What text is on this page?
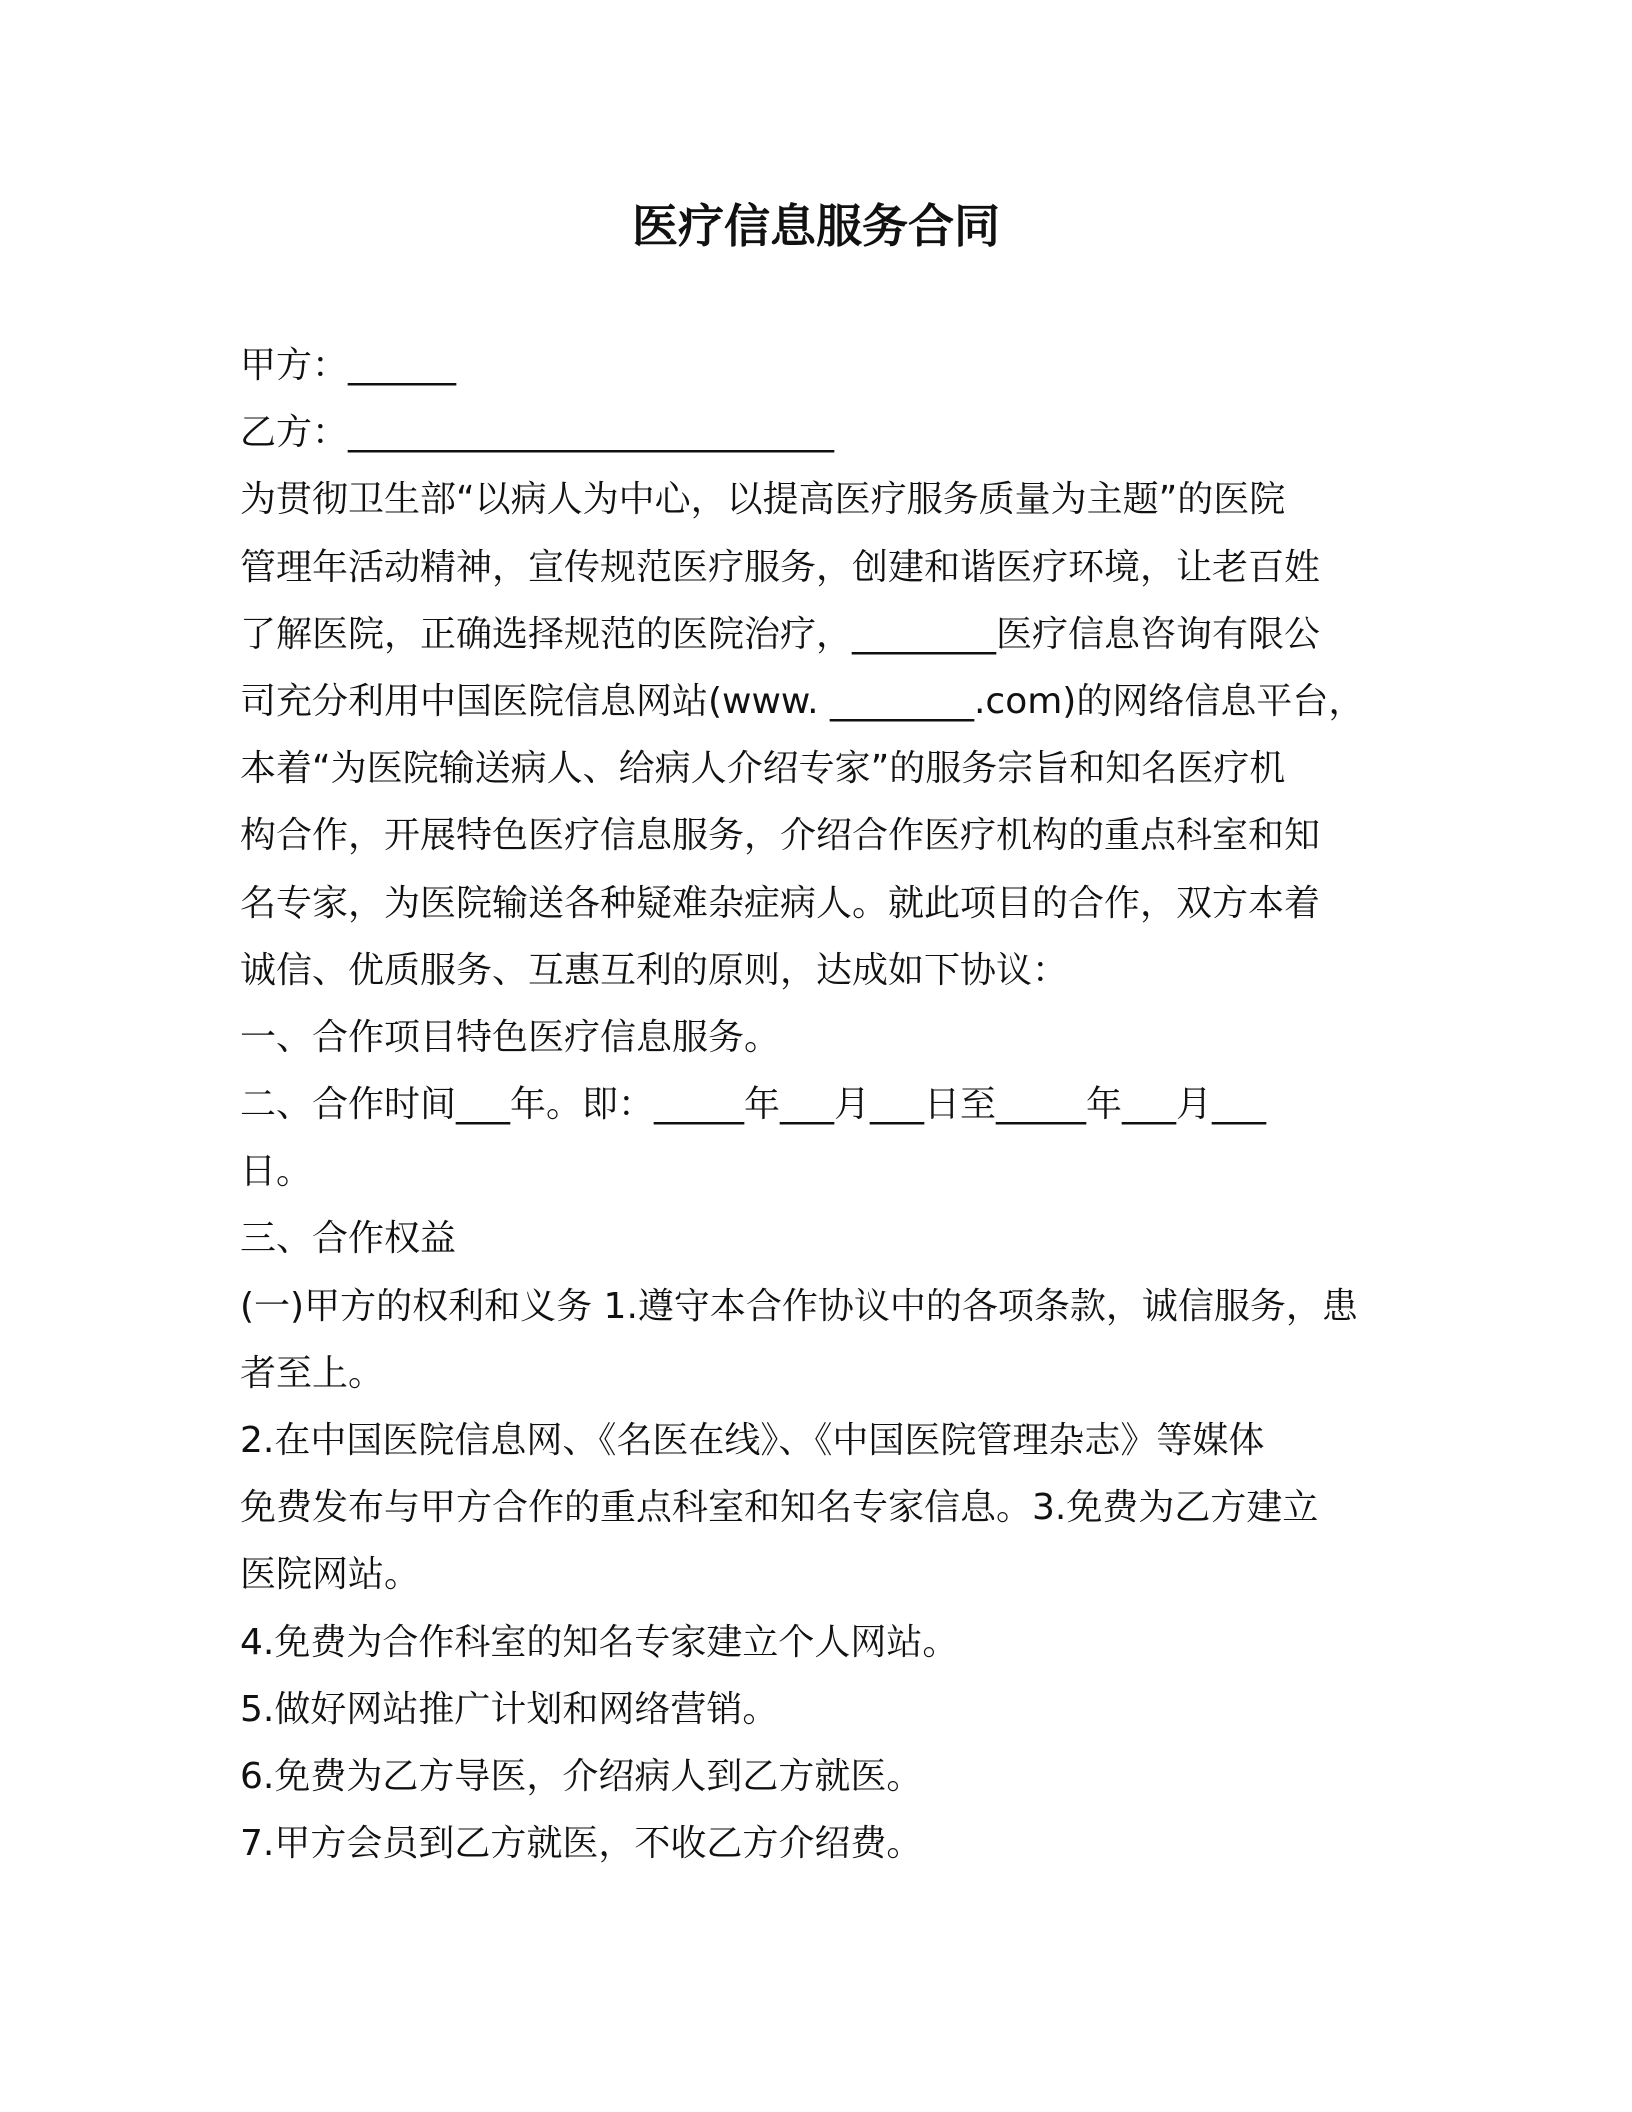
医疗信息服务合同
甲方：______
乙方：___________________________
为贯彻卫生部“以病人为中心，以提高医疗服务质量为主题”的医院
管理年活动精神，宣传规范医疗服务，创建和谐医疗环境，让老百姓
了解医院，正确选择规范的医院治疗，________医疗信息咨询有限公
司充分利用中国医院信息网站(www. ________.com)的网络信息平台，
本着“为医院输送病人、给病人介绍专家”的服务宗旨和知名医疗机
构合作，开展特色医疗信息服务，介绍合作医疗机构的重点科室和知
名专家，为医院输送各种疑难杂症病人。就此项目的合作，双方本着
诚信、优质服务、互惠互利的原则，达成如下协议：
一、合作项目特色医疗信息服务。
二、合作时间___年。即：_____年___月___日至_____年___月___
日。
三、合作权益
(一)甲方的权利和义务 1.遵守本合作协议中的各项条款，诚信服务，患
者至上。
2.在中国医院信息网、《名医在线》、《中国医院管理杂志》等媒体
免费发布与甲方合作的重点科室和知名专家信息。3.免费为乙方建立
医院网站。
4.免费为合作科室的知名专家建立个人网站。
5.做好网站推广计划和网络营销。
6.免费为乙方导医，介绍病人到乙方就医。
7.甲方会员到乙方就医，不收乙方介绍费。
